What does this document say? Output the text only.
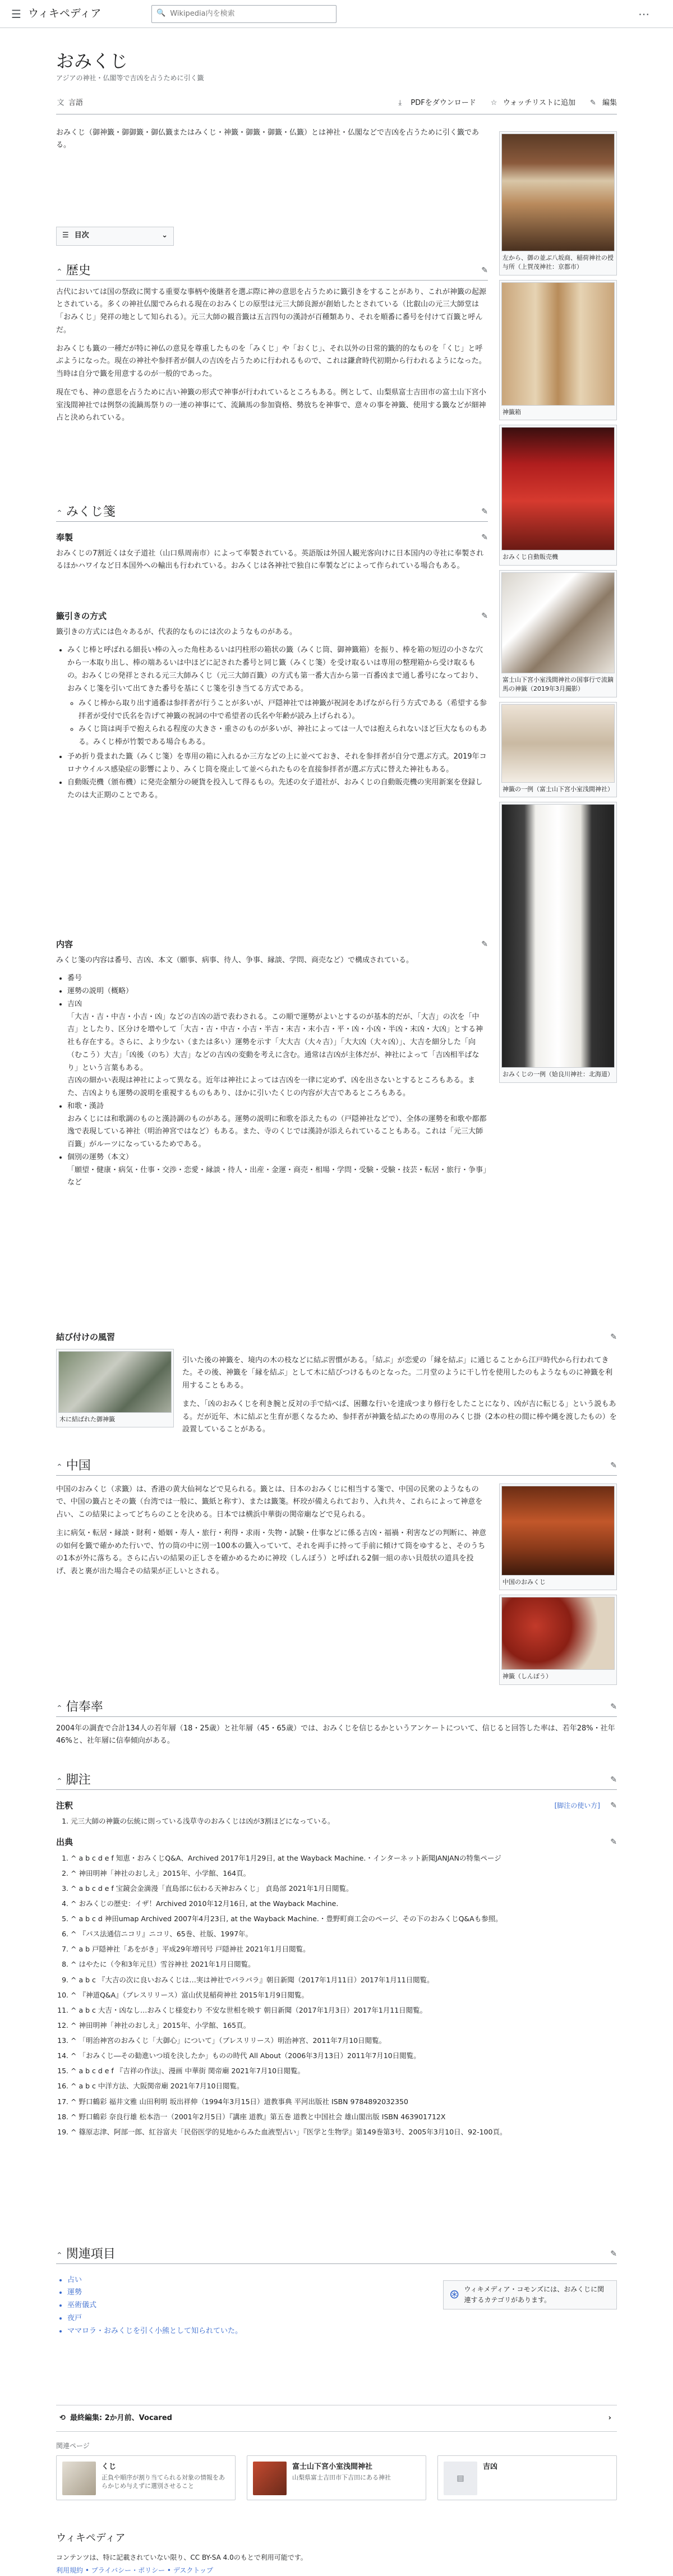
☰ ウィキペディア	🔍
Wikipedia内を検索	⋯
おみくじ
アジアの神社・仏閣等で吉凶を占うために引く籤
文 言語	⤓	PDFをダウンロード ☆ ウォッチリストに追加 ✎ 編集

おみくじ（御神籤・御御籤・御仏籤またはみくじ・神籤・御籤・御籤・仏籤）とは神社・仏閣などで吉凶を占うために引く籤である。

☰ 目次	⌄
⌃ 歴史	✎

古代においては国の祭政に関する重要な事柄や後継者を選ぶ際に神の意思を占うために籤引きをすることがあり、これが神籤の起源とされている。多くの神社仏閣でみられる現在のおみくじの原型は元三大師良源が創始したとされている（比叡山の元三大師堂は「おみくじ」発祥の地として知られる）。元三大師の観音籤は五言四句の漢詩が百種類あり、それを順番に番号を付けて百籤と呼んだ。

おみくじも籤の一種だが特に神仏の意見を尊重したものを「みくじ」や「おくじ」、それ以外の日常的籤的的なものを「くじ」と呼ぶようになった。現在の神社や参拝者が個人の吉凶を占うために行われるもので、これは鎌倉時代初期から行われるようになった。当時は自分で籤を用意するのが一般的であった。

現在でも、神の意思を占うために古い神籤の形式で神事が行われているところもある。例として、山梨県富士吉田市の富士山下宮小室浅間神社では例祭の流鏑馬祭りの一連の神事にて、流鏑馬の参加資格、勢放ちを神事で、意々の事を神籤、使用する籤などが細神占と決められている。

⌃ みくじ箋	✎
奉製	✎

おみくじの7割近くは女子道社（山口県周南市）によって奉製されている。英語版は外国人観光客向けに日本国内の寺社に奉製されるほかハワイなど日本国外への輸出も行われている。おみくじは各神社で独自に奉製などによって作られている場合もある。

籤引きの方式	✎

籤引きの方式には色々あるが、代表的なものには次のようなものがある。

• みくじ棒と呼ばれる細長い棒の入った角柱あるいは円柱形の箱状の籤（みくじ筒、御神籤箱）を振り、棒を箱の短辺の小さな穴から一本取り出し、棒の端あるいは中ほどに記された番号と同じ籤（みくじ箋）を受け取るいは専用の整理箱から受け取るもの。おみくじの発祥とされる元三大師みくじ（元三大師百籤）の方式も第一番大吉から第一百番凶まで通し番号になっており、おみくじ箋を引いて出てきた番号を基にくじ箋を引き当てる方式である。
◦ みくじ棒から取り出す通番は参拝者が行うことが多いが、戸隠神社では神籤が祝詞をあげながら行う方式である（希望する参拝者が受付で氏名を告げて神籤の祝詞の中で希望者の氏名や年齢が読み上げられる）。
◦ みくじ筒は両手で抱えられる程度の大きさ・重さのものが多いが、神社によっては一人では抱えられないほど巨大なものもある。みくじ棒が竹製である場合もある。
• 予め折り畳まれた籤（みくじ箋）を専用の箱に入れるか三方などの上に並べておき、それを参拝者が自分で選ぶ方式。2019年コロナウイルス感染症の影響により、みくじ筒を廃止して並べられたものを直接参拝者が選ぶ方式に替えた神社もある。
• 自動販売機（頒布機）に発売金額分の硬貨を投入して得るもの。先述の女子道社が、おみくじの自動販売機の実用新案を登録したのは大正期のことである。
内容	✎

みくじ箋の内容は番号、吉凶、本文（願事、病事、待人、争事、縁談、学問、商売など）で構成されている。

• 番号
• 運勢の説明（概略）
• 吉凶
「大吉・吉・中吉・小吉・凶」などの吉凶の語で表わされる。この順で運勢がよいとするのが基本的だが、「大吉」の次を「中吉」としたり、区分けを増やして「大吉・吉・中吉・小吉・半吉・末吉・末小吉・平・凶・小凶・半凶・末凶・大凶」とする神社も存在する。さらに、より少ない（または多い）運勢を示す「大大吉（大々吉）」「大大凶（大々凶）」、大吉を細分した「向（むこう）大吉」「凶後（のち）大吉」などの吉凶の変動を考えに含む。通常は吉凶が主体だが、神社によって「吉凶相半ばなり」という言葉もある。
吉凶の細かい表現は神社によって異なる。近年は神社によっては吉凶を一律に定めず、凶を出さないとするところもある。また、吉凶よりも運勢の説明を重視するものもあり、ほかに引いたくじの内容が大吉であるところもある。
• 和歌・漢詩
おみくじには和歌調のものと漢詩調のものがある。運勢の説明に和歌を添えたもの（戸隠神社などで）、全体の運勢を和歌や都都逸で表現している神社（明治神宮ではなど）もある。また、寺のくじでは漢詩が添えられていることもある。これは「元三大師百籤」がルーツになっているためである。
• 個別の運勢（本文）
「願望・健康・病気・仕事・交渉・恋愛・縁談・待人・出産・金運・商売・相場・学問・受験・受験・技芸・転居・旅行・争事」など
結び付けの風習	✎
木に結ばれた御神籤

引いた後の神籤を、境内の木の枝などに結ぶ習慣がある。「結ぶ」が恋愛の「縁を結ぶ」に通じることから江戸時代から行われてきた。その後、神籤を「縁を結ぶ」として木に結びつけるものとなった。二月堂のように干し竹を使用したのもようなものに神籤を利用することもある。

また、「凶のおみくじを利き腕と反対の手で結べば、困難な行いを達成つまり修行をしたことになり、凶が吉に転じる」という説もある。だが近年、木に結ぶと生育が悪くなるため、参拝者が神籤を結ぶための専用のみくじ掛（2本の柱の間に棒や縄を渡したもの）を設置していることがある。

⌃ 中国	✎

中国のおみくじ（求籤）は、香港の黄大仙祠などで見られる。籤とは、日本のおみくじに相当する箋で、中国の民衆のようなもので、中国の籤占とその籤（台湾では一般に、籤紙と称す）、または籤箋。杯珓が備えられており、入れ共々、これらによって神意を占い、この結果によってどちらのことを決める。日本では横浜中華街の関帝廟などで見られる。

主に病気・転居・縁談・財利・婚姻・寿人・旅行・利得・求雨・失物・試験・仕事などに係る吉凶・福禍・利害などの判断に、神意の如何を籤で確かめた行いで、竹の筒の中に別一100本の籤入っていて、それを両手に持って手前に傾けて筒をゆすると、そのうちの1本が外に落ちる。さらに占いの結果の正しさを確かめるために神珓（しんぽう）と呼ばれる2個一組の赤い貝殻状の道具を投げ、表と裏が出た場合その結果が正しいとされる。

⌃ 信奉率	✎

2004年の調査で合計134人の若年層（18・25歳）と社年層（45・65歳）では、おみくじを信じるかというアンケートについて、信じると回答した率は、若年28%・社年46%と、社年層に信奉傾向がある。

⌃ 脚注	✎
注釈	[脚注の使い方] ✎
1. 元三大師の神籤の伝統に則っている浅草寺のおみくじは凶が3割ほどになっている。
出典	✎
1. ^ a b c d e f 知恵・おみくじQ&A、Archived 2017年1月29日, at the Wayback Machine.・インターネット新聞JANJANの特集ページ
2. ^ 神田明神「神社のおしえ」2015年、小学館、164頁。
3. ^ a b c d e f 宝鏡会金満漫「直島部に伝わる天神おみくじ」 貞島部 2021年1月日閲覧。
4. ^ おみくじの歴史：イザ！Archived 2010年12月16日, at the Wayback Machine.
5. ^ a b c d 神田umap Archived 2007年4月23日, at the Wayback Machine.・豊野町商工会のページ、その下のおみくじQ&Aも参照。
6. ^ 『パス法通信ニコリ』ニコリ、65巻、社版、1997年。
7. ^ a b 戸隠神社「あをがき」平成29年増刊号 戸隠神社 2021年1月日閲覧。
8. ^ はやたに（令和3年元旦）雪谷神社 2021年1月日閲覧。
9. ^ a b c 『大吉の次に良いおみくじは…実は神社でパラパラ』朝日新聞（2017年1月11日）2017年1月11日閲覧。
10. ^ 『神道Q&A』（ブレスリリース）富山伏見稲荷神社 2015年1月9日閲覧。
11. ^ a b c 大吉・凶なし…おみくじ様変わり 不安な世相を映す 朝日新聞（2017年1月3日）2017年1月11日閲覧。
12. ^ 神田明神「神社のおしえ」2015年、小学館、165頁。
13. ^ 「明治神宮のおみくじ「大御心」について」（ブレスリリース）明治神宮、2011年7月10日閲覧。
14. ^ 「おみくじ―その勧進いつ頃を決したか」ものの時代 All About（2006年3月13日）2011年7月10日閲覧。
15. ^ a b c d e f 『吉祥の作法』、漫画 中華街 関帝廟 2021年7月10日閲覧。
16. ^ a b c 中洋方法、大阪関帝廟 2021年7月10日閲覧。
17. ^ 野口鶴彩 福井文雅 山田利明 坂出祥伸（1994年3月15日）道教事典 平河出版社 ISBN 9784892032350
18. ^ 野口鶴彩 奈良行雄 松本浩一（2001年2月5日）『講座 道教』第五巻 道教と中国社会 雄山閣出版 ISBN 463901712X
19. ^ 篠原志津、阿部一郎、紅谷富夫「民俗医学的見地からみた血液型占い」『医学と生物学』第149巻第3号、2005年3月10日、92-100頁。
⌃ 関連項目	✎
• 占い
• 運勢
• 巫術儀式
• 夜戸
• ママロラ・おみくじを引く小熊として知られていた。
⊛ ウィキメディア・コモンズには、おみくじに関連するカテゴリがあります。
左から、御の並ぶ八坂商、稲荷神社の授与所（上賀茂神社：京都市）
神籤箱
おみくじ自動販売機
富士山下宮小室浅間神社の国事行で流鏑馬の神籤（2019年3月撮影）
神籤の一例（富士山下宮小室浅間神社）
おみくじの一例（姶良川神社：北海道）
中国のおみくじ
神籤（しんぽう）
⟲ 最終編集: 2か月前、Vocared	›
関連ページ
くじ
正負や順序が割り当てられる対象の情報をあらかじめ与えずに選別させること
富士山下宮小室浅間神社
山梨県富士吉田市下吉田にある神社	▤
吉凶
ウィキペディア
コンテンツは、特に記載されていない限り、CC BY-SA 4.0のもとで利用可能です。
利用規約 • プライバシー・ポリシー • デスクトップ
